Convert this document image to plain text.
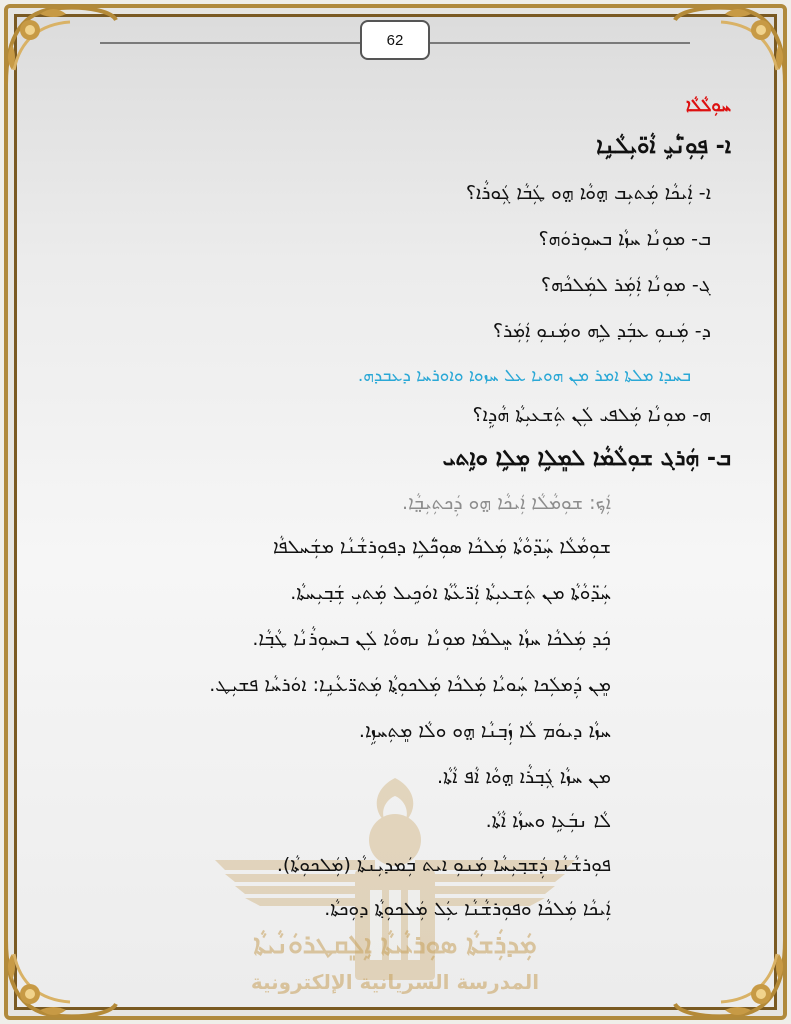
62
ܡܲܕܪܲܫܬܵܐ ܣܘܼܪܝܵܝܬܵܐ ܐܹܠܸܩܛܪܘܿܢܵܝܬܵܐ
المدرسة السريانية الإلكترونية
ܚܘܼܠܵܠܵܐ
ܐ- ܦܼܘܼܢ̈ܵܝܹ ܐܵܘ̈ܝܼܠܵܢܹܐ
ܐ- ܐܲܝܟܵܐ ܡܲܬܝܼܒ ܗ̤ܘܵܐ ܗ̤ܘ ܛܲܒܵܐ ܓܲܘܪܵܐ؟
ܒ- ܡܘܼܢܵܐ ܚܙܵܐ ܒܚܘܼܪܘܿܗ؟
ܓ- ܡܘܼܢܵܐ ܐܲܡܲܪ ܠܡܲܠܟܵܗ؟
ܕ- ܡܲܢܘܼ ܥܒܲܕ ܠܹܗ ܘܡܲܢܘܼ ܐܲܡܲܪ؟
ܒܚܕܐ ܡܠܬܐ ܐܡܪ ܡܢ ܗܘܝܐ ܥܠ ܚܙܘܐ ܘܐܘܪܚܐ ܕܥܒܕܗ.
ܗ- ܡܘܼܢܵܐ ܡܲܠܦܝ ܠܲܢ ܬܲܫܥܝܼܬܵܐ ܗܵܕܹܐ؟
ܒ- ܗܲܪܓ ܫܘܼܠܵܡܵܐ ܠܡܸܠܹܐ ܡܸܠܹܐ ܘܐܹܬܝ
ܐܲܟ݂: ܫܘܼܡܵܠܵܐ ܐܲܝܟܵܐ ܗ̤ܘ ܕܲܟܬܼܝܼܒ̤ܵܐ.
ܫܘܼܡܵܠܵܐ ܚܲܕ̈ܘܵܬܵܐ ܡܲܠܟܵܐ ܣܘܼܟ̈ܵܠܹܐ ܕܦܘܼܪܫܵܢܵܐ ܡܫܲܚܠܦܵܐ
ܚܲܕ̈ܘܵܬܵܐ ܡܢ ܬܲܫܥܝܼܬܵܐ ܐܲܪ̈ܥܵܬܵܐ ܐܘܿܟܹܝܠ ܡܲܬܝܼ ܫܲܒ݂ܝܼܚܬܵܐ.
ܟܲܕ ܡܲܠܟܵܐ ܚܙܵܐ ܚܸܠܡܵܐ ܡܘܼܢܵܐ ܢܗܘܵܐ ܠܲܢ ܒܚܘܼܪܵܢܵܐ ܛܵܒ݂ܵܐ.
ܡܸܢ ܕܲܡܠܲܟܐ ܚܲܘܝܵܐ ܡܲܠܟܵܐ ܡܲܠܟܘܼܬ݂ܵܐ ܡܲܬܪ̈ܥܵܢܹܐ: ܐܘܿܪܚܵܐ ܦܫܝܼܛ.
ܚܙܵܐ ܕܝܘܿܡ ܠܵܐ ܙܲܒ݂ܢܵܐ ܗ̤ܘ ܘܠܵܐ ܡܸܬܼܚܙܹܐ.
ܡܢ ܚܙܵܐ ܓܲܒ݂ܪܵܐ ܗ̤ܘܵܐ ܐܵܦ ܐܵܬܵܐ.
ܠܵܐ ܢܒܲܥܹܐ ܘܚܙܵܐ ܐܵܬܵܐ.
ܦܘܼܪܫܵܢܵܐ ܕܲܫܒ݂ܝܼܚܵܐ ܡܲܢܘܼ ܐܝܬ ܒܲܡܕܝܼܢܬܵܐ (ܡܲܠܟܘܼܬܵܐ).
ܐܲܝܟܵܐ ܡܲܠܟܵܐ ܘܦܘܼܪܫܵܢܵܐ ܥܲܠ ܡܲܠܟܘܼܬ݂ܵܐ ܕܘܼܟܬܵܐ.
